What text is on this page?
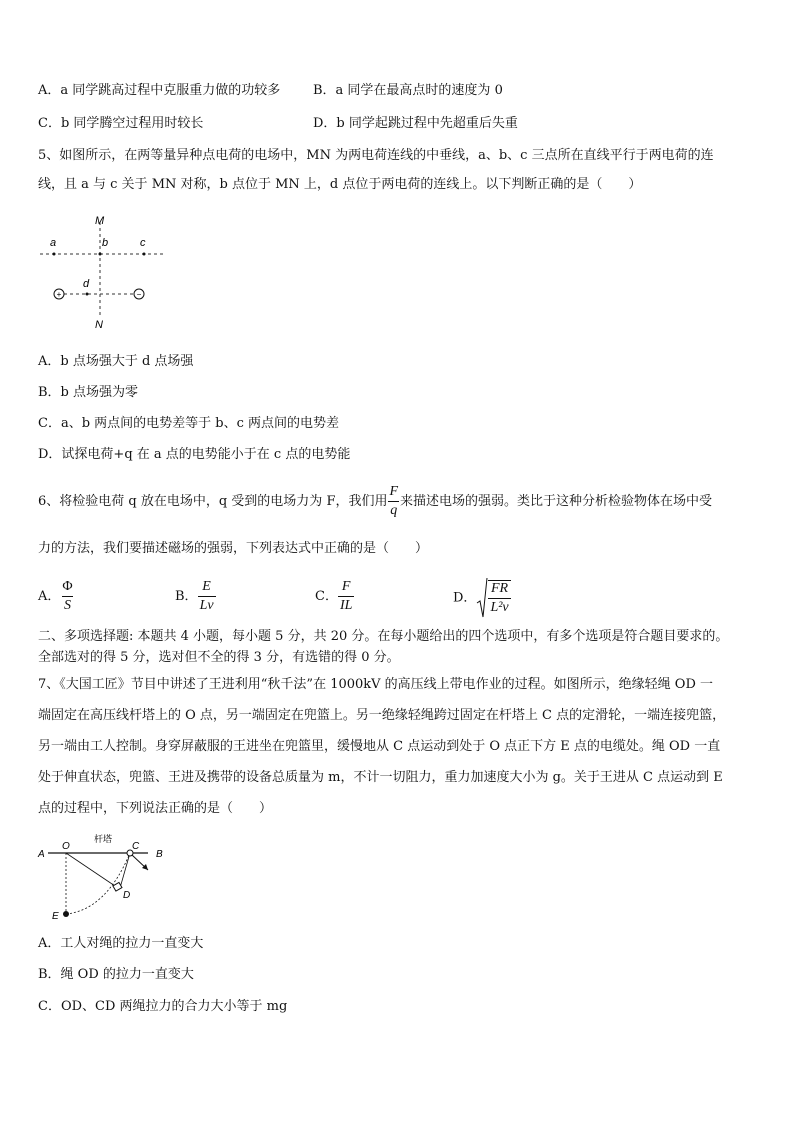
A．a 同学跳高过程中克服重力做的功较多	B．a 同学在最高点时的速度为 0
C．b 同学腾空过程用时较长	D．b 同学起跳过程中先超重后失重
5、如图所示，在两等量异种点电荷的电场中，MN 为两电荷连线的中垂线，a、b、c 三点所在直线平行于两电荷的连
线，且 a 与 c 关于 MN 对称，b 点位于 MN 上，d 点位于两电荷的连线上。以下判断正确的是（　　）
+	−
M
N
a	b	c
d
A．b 点场强大于 d 点场强
B．b 点场强为零
C．a、b 两点间的电势差等于 b、c 两点间的电势差
D．试探电荷+q 在 a 点的电势能小于在 c 点的电势能
6、将检验电荷 q 放在电场中，q 受到的电场力为 F，我们用 $\frac{F}{q}$ 来描述电场的强弱。类比于这种分析检验物体在场中受
力的方法，我们要描述磁场的强弱，下列表达式中正确的是（　　）
A． $\frac{\Phi}{S}$	B． $\frac{E}{Lv}$	C． $\frac{F}{IL}$	D． $\frac{FR}{\text{L²v}}$
二、多项选择题: 本题共 4 小题，每小题 5 分，共 20 分。在每小题给出的四个选项中，有多个选项是符合题目要求的。
全部选对的得 5 分，选对但不全的得 3 分，有选错的得 0 分。
7、《大国工匠》节目中讲述了王进利用“秋千法”在 1000kV 的高压线上带电作业的过程。如图所示，绝缘轻绳 OD 一
端固定在高压线杆塔上的 O 点，另一端固定在兜篮上。另一绝缘轻绳跨过固定在杆塔上 C 点的定滑轮，一端连接兜篮，
另一端由工人控制。身穿屏蔽服的王进坐在兜篮里，缓慢地从 C 点运动到处于 O 点正下方 E 点的电缆处。绳 OD 一直
处于伸直状态，兜篮、王进及携带的设备总质量为 m，不计一切阻力，重力加速度大小为 g。关于王进从 C 点运动到 E
点的过程中，下列说法正确的是（　　）
杆塔
A
O	C
B
D
E
A．工人对绳的拉力一直变大
B．绳 OD 的拉力一直变大
C．OD、CD 两绳拉力的合力大小等于 mg
